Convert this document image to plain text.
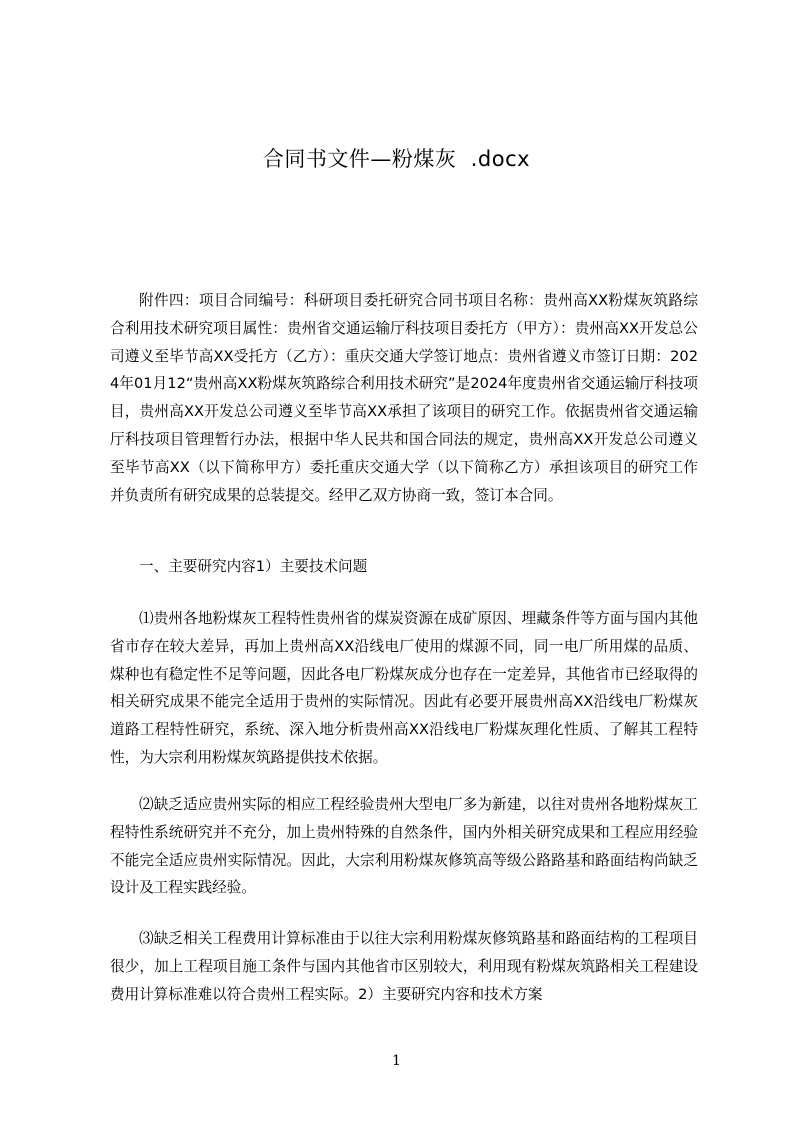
合同书文件—粉煤灰  .docx
附件四：项目合同编号：科研项目委托研究合同书项目名称：贵州高XX粉煤灰筑路综合利用技术研究项目属性：贵州省交通运输厅科技项目委托方（甲方）：贵州高XX开发总公司遵义至毕节高XX受托方（乙方）：重庆交通大学签订地点：贵州省遵义市签订日期：2024年01月12“贵州高XX粉煤灰筑路综合利用技术研究”是2024年度贵州省交通运输厅科技项目，贵州高XX开发总公司遵义至毕节高XX承担了该项目的研究工作。依据贵州省交通运输厅科技项目管理暂行办法，根据中华人民共和国合同法的规定，贵州高XX开发总公司遵义至毕节高XX（以下简称甲方）委托重庆交通大学（以下简称乙方）承担该项目的研究工作并负责所有研究成果的总装提交。经甲乙双方协商一致，签订本合同。
一、主要研究内容1）主要技术问题
⑴贵州各地粉煤灰工程特性贵州省的煤炭资源在成矿原因、埋藏条件等方面与国内其他省市存在较大差异，再加上贵州高XX沿线电厂使用的煤源不同，同一电厂所用煤的品质、煤种也有稳定性不足等问题，因此各电厂粉煤灰成分也存在一定差异，其他省市已经取得的相关研究成果不能完全适用于贵州的实际情况。因此有必要开展贵州高XX沿线电厂粉煤灰道路工程特性研究，系统、深入地分析贵州高XX沿线电厂粉煤灰理化性质、了解其工程特性，为大宗利用粉煤灰筑路提供技术依据。
⑵缺乏适应贵州实际的相应工程经验贵州大型电厂多为新建，以往对贵州各地粉煤灰工程特性系统研究并不充分，加上贵州特殊的自然条件，国内外相关研究成果和工程应用经验不能完全适应贵州实际情况。因此，大宗利用粉煤灰修筑高等级公路路基和路面结构尚缺乏设计及工程实践经验。
⑶缺乏相关工程费用计算标准由于以往大宗利用粉煤灰修筑路基和路面结构的工程项目很少，加上工程项目施工条件与国内其他省市区别较大，利用现有粉煤灰筑路相关工程建设费用计算标准难以符合贵州工程实际。2）主要研究内容和技术方案
1
